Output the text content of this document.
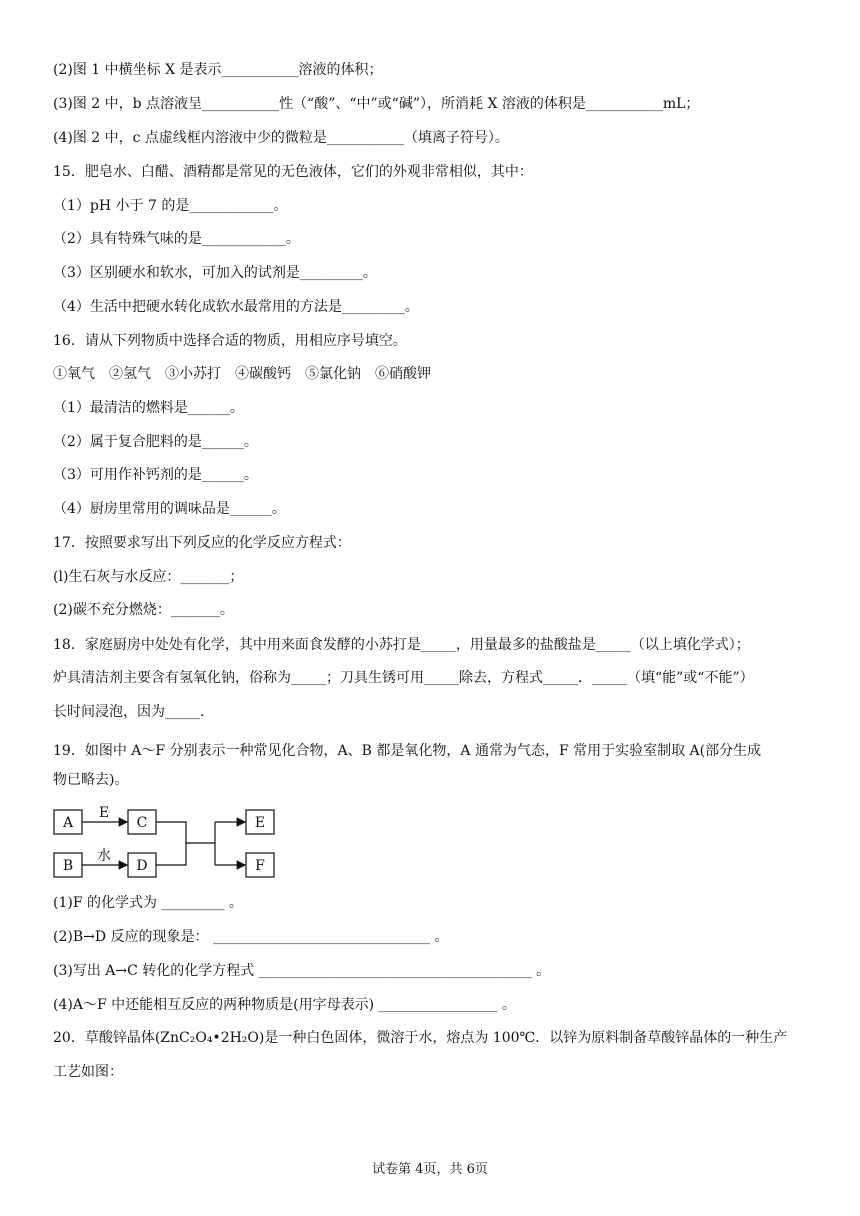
(2)图 1 中横坐标 X 是表示___________溶液的体积；
(3)图 2 中，b 点溶液呈___________性（“酸”、“中”或“碱”），所消耗 X 溶液的体积是___________mL；
(4)图 2 中，c 点虚线框内溶液中少的微粒是___________（填离子符号）。
15．肥皂水、白醋、酒精都是常见的无色液体，它们的外观非常相似，其中：
（1）pH 小于 7 的是____________。
（2）具有特殊气味的是____________。
（3）区别硬水和软水，可加入的试剂是_________。
（4）生活中把硬水转化成软水最常用的方法是_________。
16．请从下列物质中选择合适的物质，用相应序号填空。
①氧气　②氢气　③小苏打　④碳酸钙　⑤氯化钠　⑥硝酸钾
（1）最清洁的燃料是______。
（2）属于复合肥料的是______。
（3）可用作补钙剂的是______。
（4）厨房里常用的调味品是______。
17．按照要求写出下列反应的化学反应方程式：
(l)生石灰与水反应：_______；
(2)碳不充分燃烧：_______。
18．家庭厨房中处处有化学，其中用来面食发酵的小苏打是_____，用量最多的盐酸盐是_____（以上填化学式）；
炉具清洁剂主要含有氢氧化钠，俗称为_____；刀具生锈可用_____除去，方程式_____．_____（填“能”或“不能”）
长时间浸泡，因为_____．
19．如图中 A～F 分别表示一种常见化合物，A、B 都是氧化物，A 通常为气态，F 常用于实验室制取 A(部分生成
物已略去)。
A
B
C
D
E
F
E
水
(1)F 的化学式为 _________ 。
(2)B→D 反应的现象是： _______________________________ 。
(3)写出 A→C 转化的化学方程式 _______________________________________ 。
(4)A～F 中还能相互反应的两种物质是(用字母表示) _________________ 。
20．草酸锌晶体(ZnC₂O₄•2H₂O)是一种白色固体，微溶于水，熔点为 100℃．以锌为原料制备草酸锌晶体的一种生产
工艺如图：
试卷第 4页，共 6页
